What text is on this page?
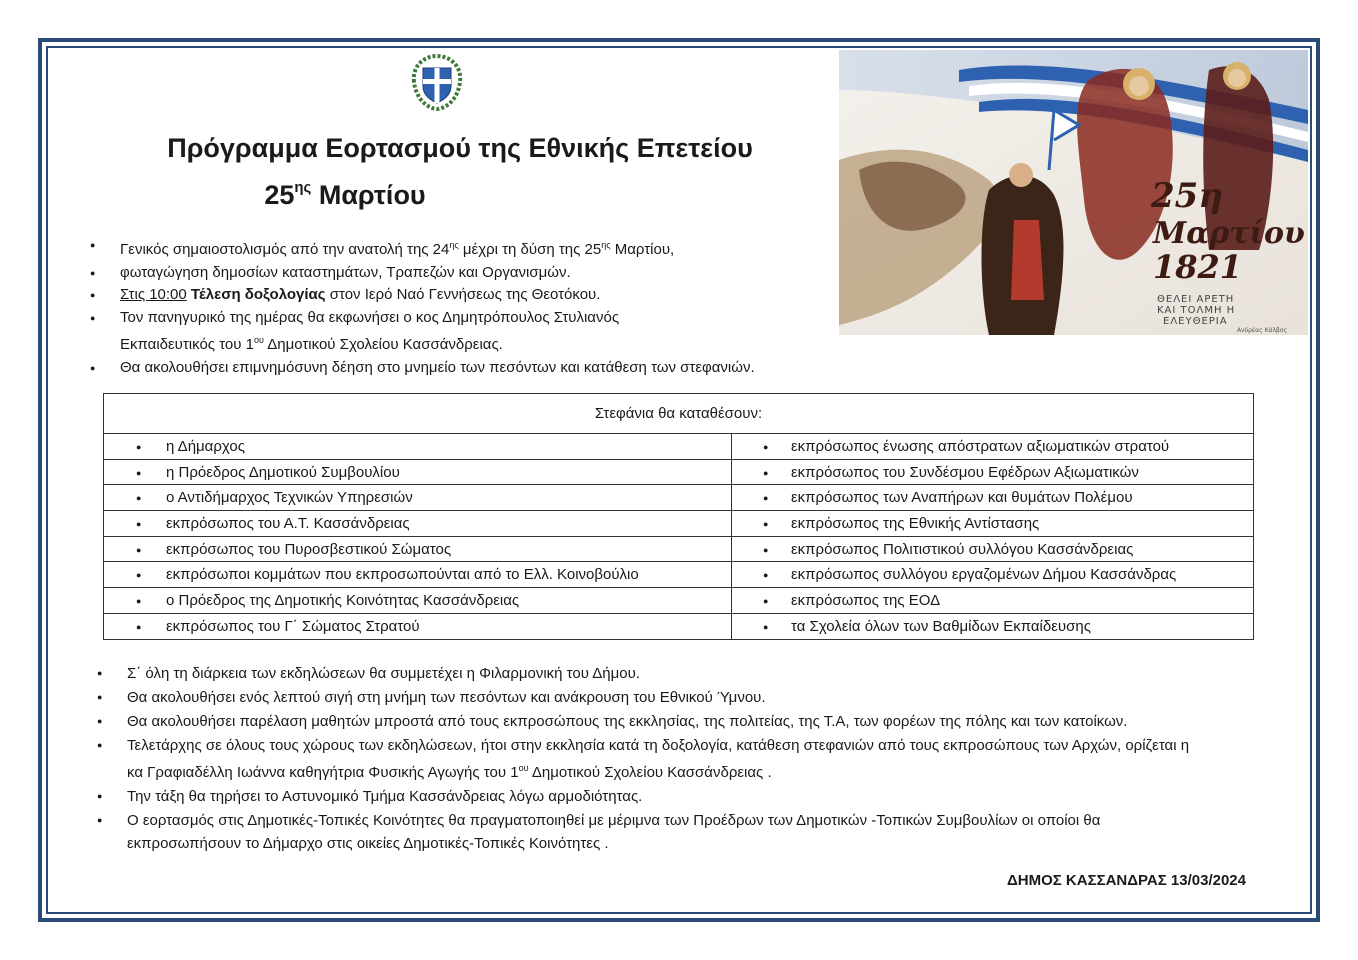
Πρόγραμμα Εορτασμού της Εθνικής Επετείου
$25^{\eta\varsigma}$ Μαρτίου	25η
Μαρτίου
1821
ΘΕΛΕΙ ΑΡΕΤΗ
ΚΑΙ ΤΟΛΜΗ Η
ΕΛΕΥΘΕΡΙΑ
Ανδρέας Κάλβος
● Γενικός σημαιοστολισμός από την ανατολή της $24^{\eta\varsigma}$ μέχρι τη δύση της $25^{\eta\varsigma}$ Μαρτίου,
● φωταγώγηση δημοσίων καταστημάτων, Τραπεζών και Οργανισμών.
● Στις 10:00 Τέλεση δοξολογίας στον Ιερό Ναό Γεννήσεως της Θεοτόκου.
● Τον πανηγυρικό της ημέρας θα εκφωνήσει ο κος Δημητρόπουλος Στυλιανός
Εκπαιδευτικός του $1^{o\upsilon}$ Δημοτικού Σχολείου Κασσάνδρειας.
● Θα ακολουθήσει επιμνημόσυνη δέηση στο μνημείο των πεσόντων και κατάθεση των στεφανιών.
Στεφάνια θα καταθέσουν:	

● η Δήμαρχος	● εκπρόσωπος ένωσης απόστρατων αξιωματικών στρατού

● η Πρόεδρος Δημοτικού Συμβουλίου	● εκπρόσωπος του Συνδέσμου Εφέδρων Αξιωματικών

● ο Αντιδήμαρχος Τεχνικών Υπηρεσιών	● εκπρόσωπος των Αναπήρων και θυμάτων Πολέμου

● εκπρόσωπος του Α.Τ. Κασσάνδρειας	● εκπρόσωπος της Εθνικής Αντίστασης

● εκπρόσωπος του Πυροσβεστικού Σώματος	● εκπρόσωπος Πολιτιστικού συλλόγου Κασσάνδρειας

● εκπρόσωποι κομμάτων που εκπροσωπούνται από το Ελλ. Κοινοβούλιο	● εκπρόσωπος συλλόγου εργαζομένων Δήμου Κασσάνδρας

● ο Πρόεδρος της Δημοτικής Κοινότητας Κασσάνδρειας	● εκπρόσωπος της ΕΟΔ

● εκπρόσωπος του Γ΄ Σώματος Στρατού	● τα Σχολεία όλων των Βαθμίδων Εκπαίδευσης
● Σ΄ όλη τη διάρκεια των εκδηλώσεων θα συμμετέχει η Φιλαρμονική του Δήμου.
● Θα ακολουθήσει ενός λεπτού σιγή στη μνήμη των πεσόντων και ανάκρουση του Εθνικού Ύμνου.
● Θα ακολουθήσει παρέλαση μαθητών μπροστά από τους εκπροσώπους της εκκλησίας, της πολιτείας, της Τ.Α, των φορέων της πόλης και των κατοίκων.
● Τελετάρχης σε όλους τους χώρους των εκδηλώσεων, ήτοι στην εκκλησία κατά τη δοξολογία, κατάθεση στεφανιών από τους εκπροσώπους των Αρχών, ορίζεται η
κα Γραφιαδέλλη Ιωάννα καθηγήτρια Φυσικής Αγωγής του $1^{o\upsilon}$ Δημοτικού Σχολείου Κασσάνδρειας .
● Την τάξη θα τηρήσει το Αστυνομικό Τμήμα Κασσάνδρειας λόγω αρμοδιότητας.
● Ο εορτασμός στις Δημοτικές-Τοπικές Κοινότητες θα πραγματοποιηθεί με μέριμνα των Προέδρων των Δημοτικών -Τοπικών Συμβουλίων οι οποίοι θα
εκπροσωπήσουν το Δήμαρχο στις οικείες Δημοτικές-Τοπικές Κοινότητες .
ΔΗΜΟΣ ΚΑΣΣΑΝΔΡΑΣ 13/03/2024
